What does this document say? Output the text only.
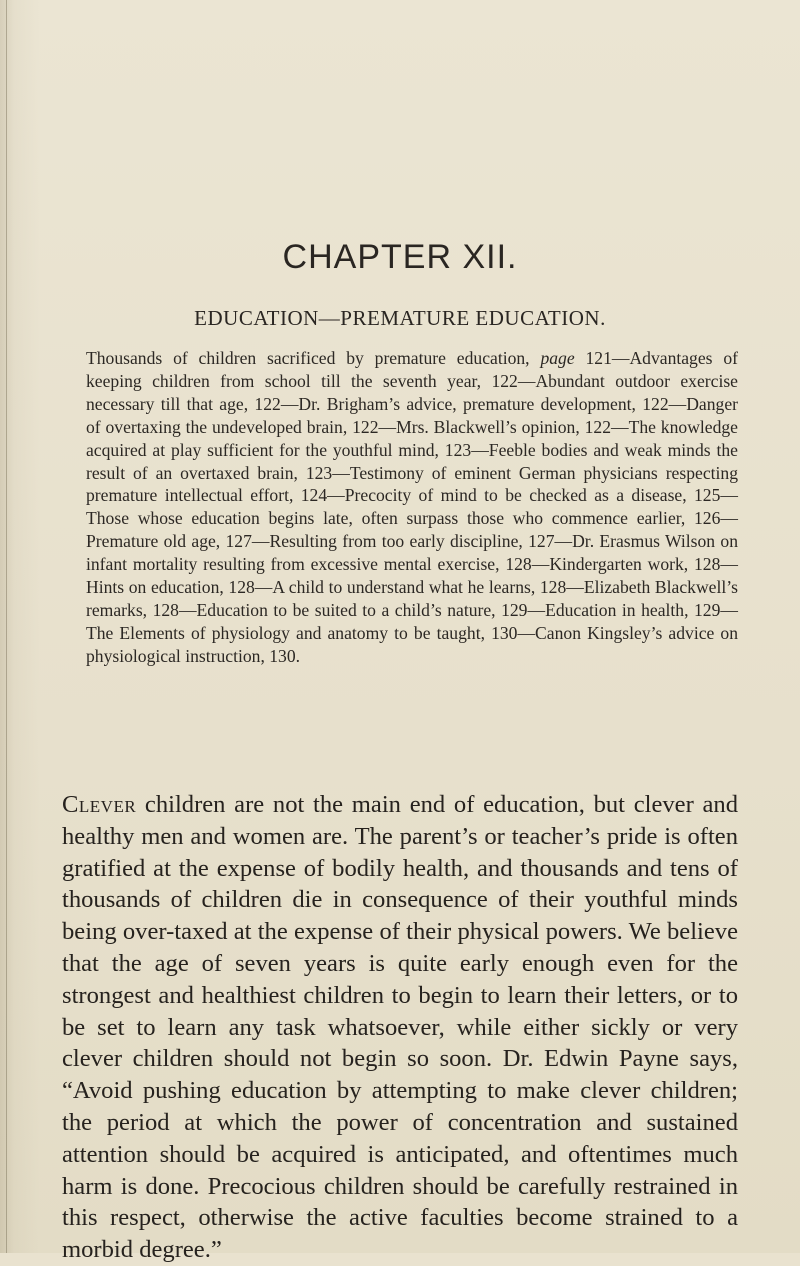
CHAPTER XII.
EDUCATION—PREMATURE EDUCATION.

Thousands of children sacrificed by premature education, page 121—Advantages of keeping children from school till the seventh year, 122—Abundant outdoor exercise necessary till that age, 122—Dr. Brigham’s advice, premature development, 122—Danger of overtaxing the undeveloped brain, 122—Mrs. Blackwell’s opinion, 122—The knowledge acquired at play sufficient for the youthful mind, 123—Feeble bodies and weak minds the result of an overtaxed brain, 123—Testimony of eminent German physicians respecting premature intellectual effort, 124—Precocity of mind to be checked as a disease, 125—Those whose education begins late, often surpass those who commence earlier, 126—Premature old age, 127—Resulting from too early discipline, 127—Dr. Erasmus Wilson on infant mortality resulting from excessive mental exercise, 128—Kindergarten work, 128—Hints on education, 128—A child to understand what he learns, 128—Elizabeth Blackwell’s remarks, 128—Education to be suited to a child’s nature, 129—Education in health, 129—The Elements of physiology and anatomy to be taught, 130—Canon Kingsley’s advice on physiological instruction, 130.

Clever children are not the main end of education, but clever and healthy men and women are. The parent’s or teacher’s pride is often gratified at the expense of bodily health, and thousands and tens of thousands of children die in consequence of their youthful minds being over-taxed at the expense of their physical powers. We believe that the age of seven years is quite early enough even for the strongest and healthiest children to begin to learn their letters, or to be set to learn any task whatsoever, while either sickly or very clever children should not begin so soon. Dr. Edwin Payne says, “Avoid pushing education by attempting to make clever children; the period at which the power of concentration and sustained attention should be acquired is anticipated, and oftentimes much harm is done. Precocious children should be carefully restrained in this respect, otherwise the active faculties become strained to a morbid degree.”
